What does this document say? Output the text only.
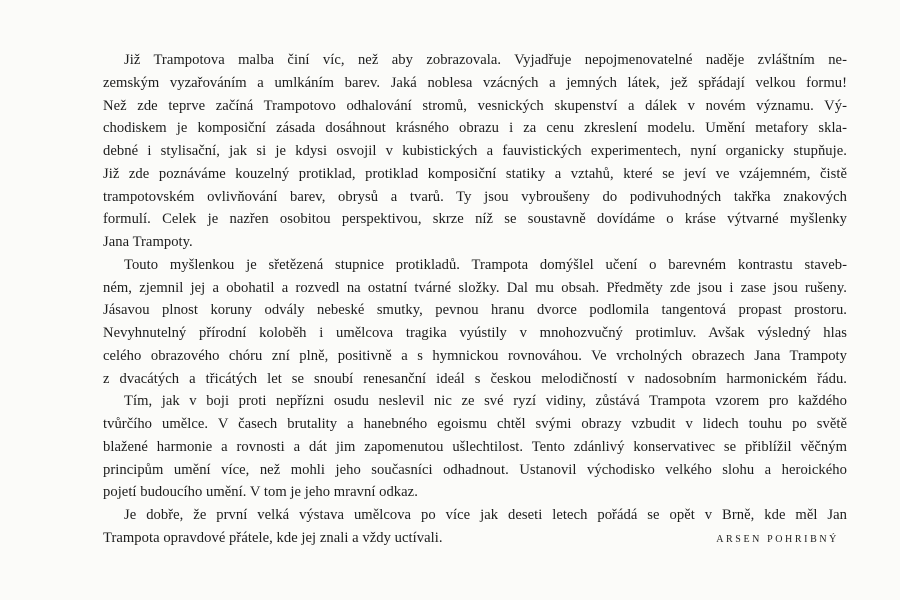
Již Trampotova malba činí víc, než aby zobrazovala. Vyjadřuje nepojmenovatelné naděje zvláštním ne-
zemským vyzařováním a umlkáním barev. Jaká noblesa vzácných a jemných látek, jež spřádají velkou formu!
Než zde teprve začíná Trampotovo odhalování stromů, vesnických skupenství a dálek v novém významu. Vý-
chodiskem je komposiční zásada dosáhnout krásného obrazu i za cenu zkreslení modelu. Umění metafory skla-
debné i stylisační, jak si je kdysi osvojil v kubistických a fauvistických experimentech, nyní organicky stupňuje.
Již zde poznáváme kouzelný protiklad, protiklad komposiční statiky a vztahů, které se jeví ve vzájemném, čistě
trampotovském ovlivňování barev, obrysů a tvarů. Ty jsou vybroušeny do podivuhodných takřka znakových
formulí. Celek je nazřen osobitou perspektivou, skrze níž se soustavně dovídáme o kráse výtvarné myšlenky
Jana Trampoty.
Touto myšlenkou je sřetězená stupnice protikladů. Trampota domýšlel učení o barevném kontrastu staveb-
ném, zjemnil jej a obohatil a rozvedl na ostatní tvárné složky. Dal mu obsah. Předměty zde jsou i zase jsou rušeny.
Jásavou plnost koruny odvály nebeské smutky, pevnou hranu dvorce podlomila tangentová propast prostoru.
Nevyhnutelný přírodní koloběh i umělcova tragika vyústily v mnohozvučný protimluv. Avšak výsledný hlas
celého obrazového chóru zní plně, positivně a s hymnickou rovnováhou. Ve vrcholných obrazech Jana Trampoty
z dvacátých a třicátých let se snoubí renesanční ideál s českou melodičností v nadosobním harmonickém řádu.
Tím, jak v boji proti nepřízni osudu neslevil nic ze své ryzí vidiny, zůstává Trampota vzorem pro každého
tvůrčího umělce. V časech brutality a hanebného egoismu chtěl svými obrazy vzbudit v lidech touhu po světě
blažené harmonie a rovnosti a dát jim zapomenutou ušlechtilost. Tento zdánlivý konservativec se přiblížil věčným
principům umění více, než mohli jeho současníci odhadnout. Ustanovil východisko velkého slohu a heroického
pojetí budoucího umění. V tom je jeho mravní odkaz.
Je dobře, že první velká výstava umělcova po více jak deseti letech pořádá se opět v Brně, kde měl Jan
Trampota opravdové přátele, kde jej znali a vždy uctívali.	ARSEN POHRIBNÝ
